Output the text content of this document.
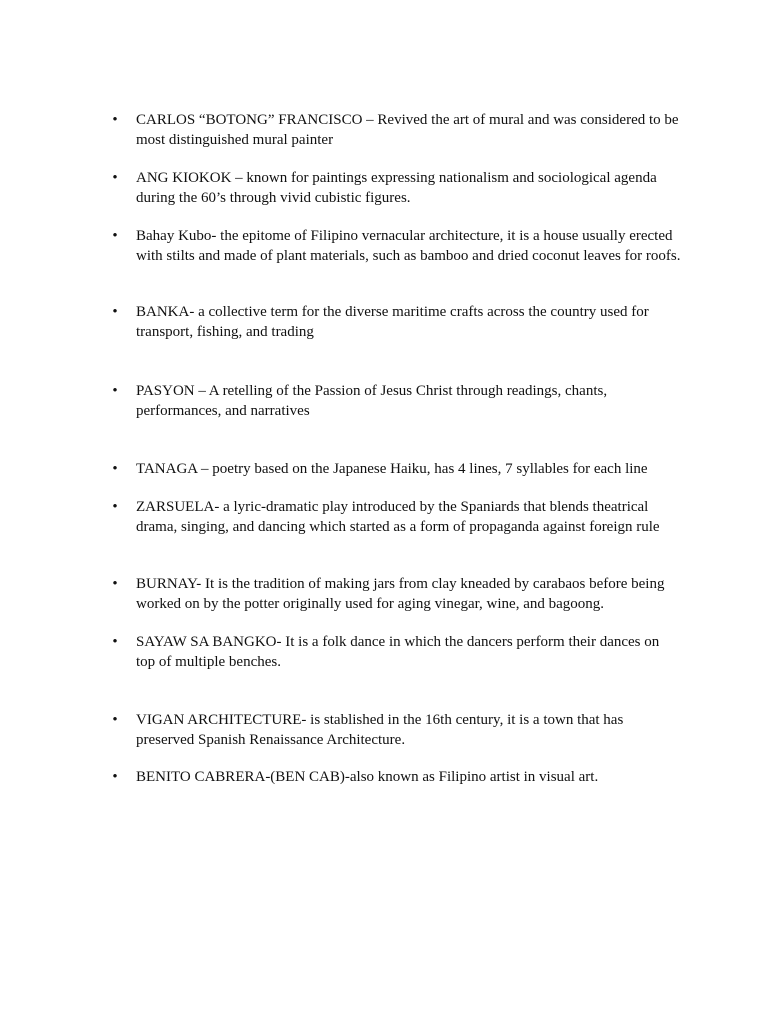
• CARLOS “BOTONG” FRANCISCO – Revived the art of mural and was considered to be most distinguished mural painter
• ANG KIOKOK – known for paintings expressing nationalism and sociological agenda during the 60’s through vivid cubistic figures.
• Bahay Kubo- the epitome of Filipino vernacular architecture, it is a house usually erected with stilts and made of plant materials, such as bamboo and dried coconut leaves for roofs.
• BANKA- a collective term for the diverse maritime crafts across the country used for transport, fishing, and trading
• PASYON – A retelling of the Passion of Jesus Christ through readings, chants, performances, and narratives
• TANAGA – poetry based on the Japanese Haiku, has 4 lines, 7 syllables for each line
• ZARSUELA- a lyric-dramatic play introduced by the Spaniards that blends theatrical drama, singing, and dancing which started as a form of propaganda against foreign rule
• BURNAY- It is the tradition of making jars from clay kneaded by carabaos before being worked on by the potter originally used for aging vinegar, wine, and bagoong.
• SAYAW SA BANGKO- It is a folk dance in which the dancers perform their dances on top of multiple benches.
• VIGAN ARCHITECTURE- is stablished in the 16th century, it is a town that has preserved Spanish Renaissance Architecture.
• BENITO CABRERA-(BEN CAB)-also known as Filipino artist in visual art.
